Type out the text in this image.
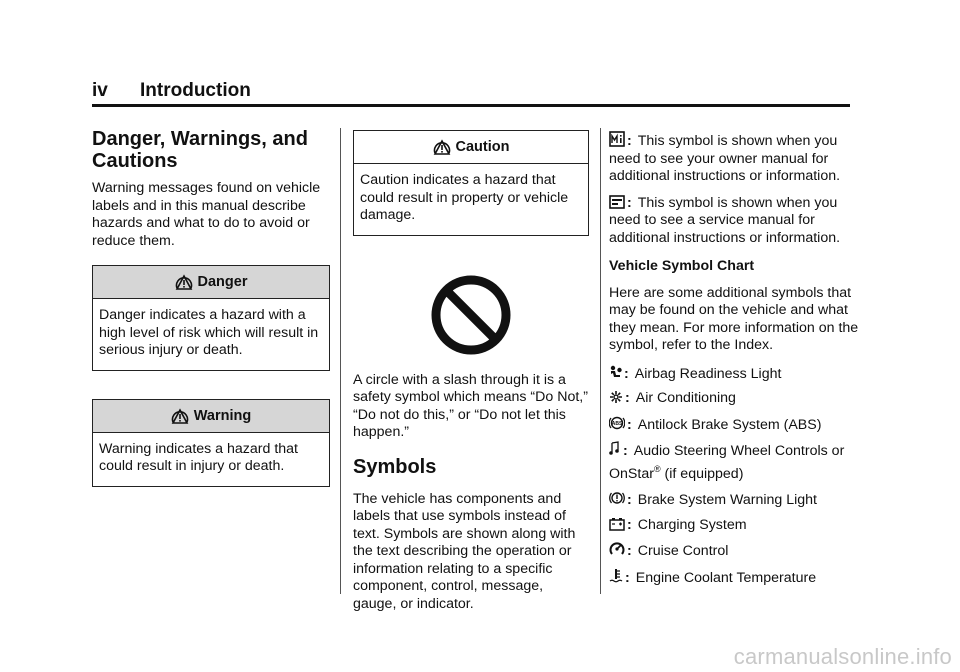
iv Introduction
Danger, Warnings, and Cautions

Warning messages found on vehicle labels and in this manual describe hazards and what to do to avoid or reduce them.

Danger
Danger indicates a hazard with a high level of risk which will result in serious injury or death.
Warning
Warning indicates a hazard that could result in injury or death.
Caution
Caution indicates a hazard that could result in property or vehicle damage.

A circle with a slash through it is a safety symbol which means “Do Not,” “Do not do this,” or “Do not let this happen.”

Symbols

The vehicle has components and labels that use symbols instead of text. Symbols are shown along with the text describing the operation or information relating to a specific component, control, message, gauge, or indicator.

: This symbol is shown when you need to see your owner manual for additional instructions or information.

: This symbol is shown when you need to see a service manual for additional instructions or information.

Vehicle Symbol Chart

Here are some additional symbols that may be found on the vehicle and what they mean. For more information on the symbol, refer to the Index.

: Airbag Readiness Light

: Air Conditioning

ABS : Antilock Brake System (ABS)

: Audio Steering Wheel Controls or OnStar® (if equipped)

: Brake System Warning Light

: Charging System

: Cruise Control

: Engine Coolant Temperature

carmanualsonline.info
